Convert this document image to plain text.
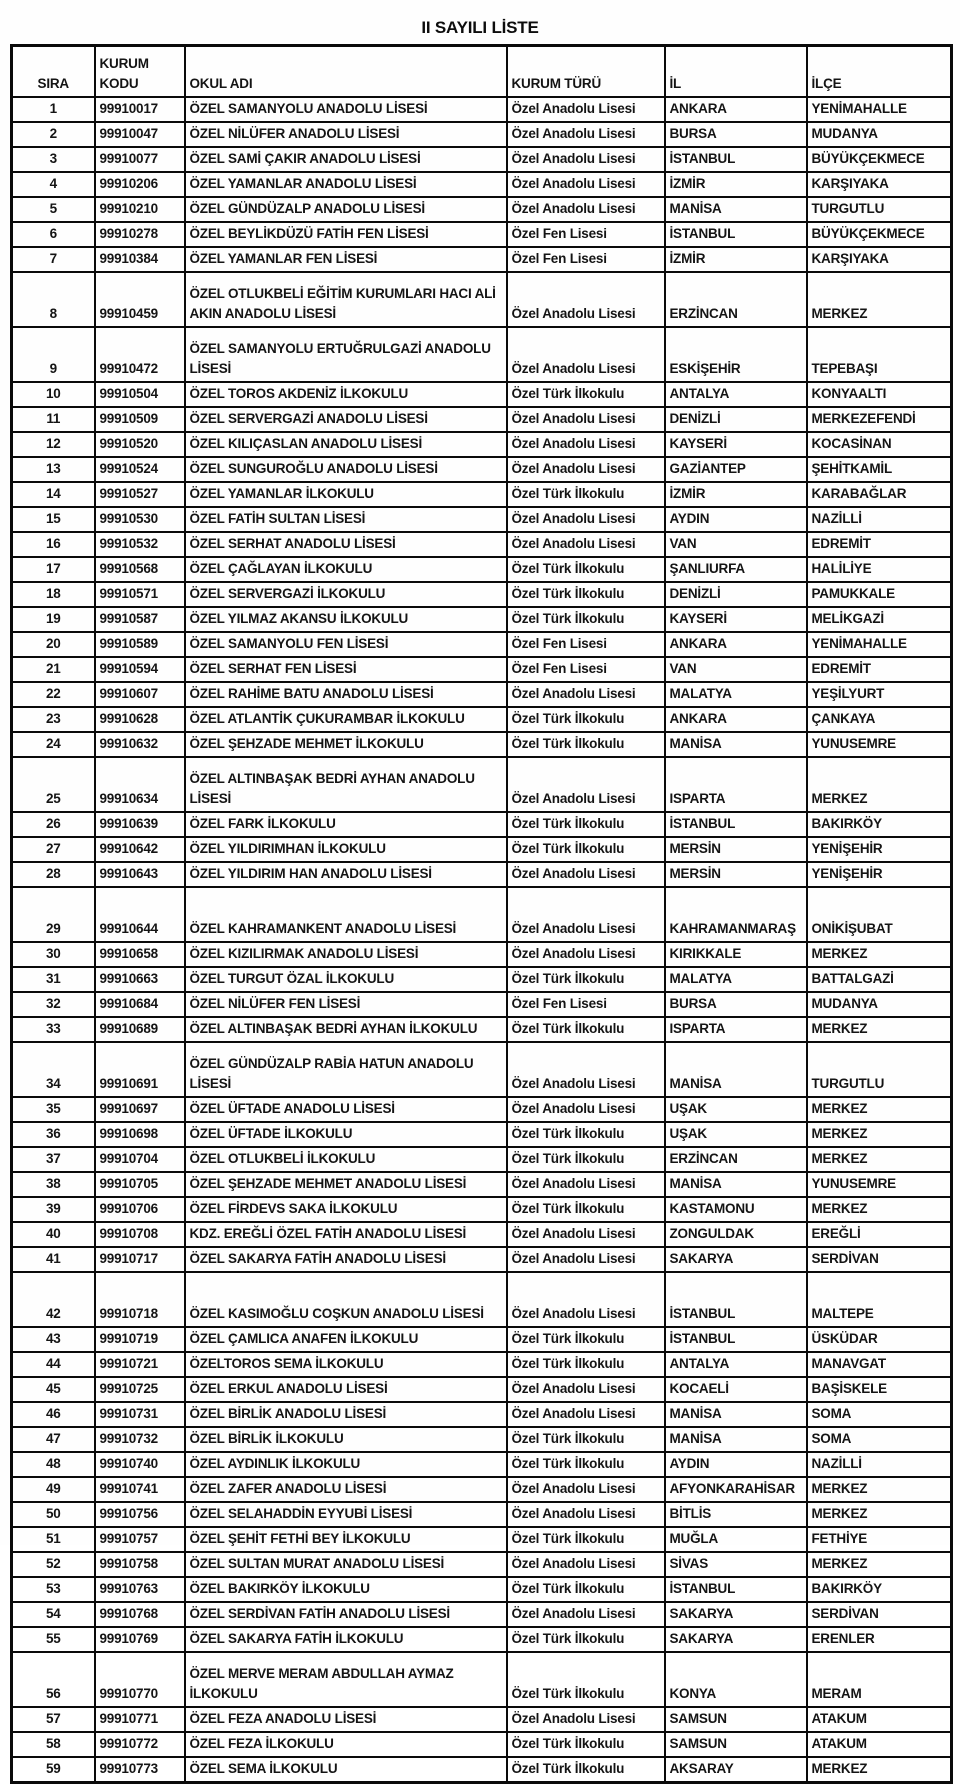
II SAYILI LİSTE
SIRA	KURUM KODU	OKUL ADI	KURUM TÜRÜ	İL	İLÇE
1	99910017	ÖZEL SAMANYOLU ANADOLU LİSESİ	Özel Anadolu Lisesi	ANKARA	YENİMAHALLE
2	99910047	ÖZEL NİLÜFER ANADOLU LİSESİ	Özel Anadolu Lisesi	BURSA	MUDANYA
3	99910077	ÖZEL SAMİ ÇAKIR ANADOLU LİSESİ	Özel Anadolu Lisesi	İSTANBUL	BÜYÜKÇEKMECE
4	99910206	ÖZEL YAMANLAR ANADOLU LİSESİ	Özel Anadolu Lisesi	İZMİR	KARŞIYAKA
5	99910210	ÖZEL GÜNDÜZALP ANADOLU LİSESİ	Özel Anadolu Lisesi	MANİSA	TURGUTLU
6	99910278	ÖZEL BEYLİKDÜZÜ FATİH FEN LİSESİ	Özel Fen Lisesi	İSTANBUL	BÜYÜKÇEKMECE
7	99910384	ÖZEL YAMANLAR FEN LİSESİ	Özel Fen Lisesi	İZMİR	KARŞIYAKA
8	99910459	ÖZEL OTLUKBELİ EĞİTİM KURUMLARI HACI ALİ AKIN ANADOLU LİSESİ	Özel Anadolu Lisesi	ERZİNCAN	MERKEZ
9	99910472	ÖZEL SAMANYOLU ERTUĞRULGAZİ ANADOLU LİSESİ	Özel Anadolu Lisesi	ESKİŞEHİR	TEPEBAŞI
10	99910504	ÖZEL TOROS AKDENİZ İLKOKULU	Özel Türk İlkokulu	ANTALYA	KONYAALTI
11	99910509	ÖZEL SERVERGAZİ ANADOLU LİSESİ	Özel Anadolu Lisesi	DENİZLİ	MERKEZEFENDİ
12	99910520	ÖZEL KILIÇASLAN ANADOLU LİSESİ	Özel Anadolu Lisesi	KAYSERİ	KOCASİNAN
13	99910524	ÖZEL SUNGUROĞLU ANADOLU LİSESİ	Özel Anadolu Lisesi	GAZİANTEP	ŞEHİTKAMİL
14	99910527	ÖZEL YAMANLAR İLKOKULU	Özel Türk İlkokulu	İZMİR	KARABAĞLAR
15	99910530	ÖZEL FATİH SULTAN LİSESİ	Özel Anadolu Lisesi	AYDIN	NAZİLLİ
16	99910532	ÖZEL SERHAT ANADOLU LİSESİ	Özel Anadolu Lisesi	VAN	EDREMİT
17	99910568	ÖZEL ÇAĞLAYAN İLKOKULU	Özel Türk İlkokulu	ŞANLIURFA	HALİLİYE
18	99910571	ÖZEL SERVERGAZİ İLKOKULU	Özel Türk İlkokulu	DENİZLİ	PAMUKKALE
19	99910587	ÖZEL YILMAZ AKANSU İLKOKULU	Özel Türk İlkokulu	KAYSERİ	MELİKGAZİ
20	99910589	ÖZEL SAMANYOLU FEN LİSESİ	Özel Fen Lisesi	ANKARA	YENİMAHALLE
21	99910594	ÖZEL SERHAT FEN LİSESİ	Özel Fen Lisesi	VAN	EDREMİT
22	99910607	ÖZEL RAHİME BATU ANADOLU LİSESİ	Özel Anadolu Lisesi	MALATYA	YEŞİLYURT
23	99910628	ÖZEL ATLANTİK ÇUKURAMBAR İLKOKULU	Özel Türk İlkokulu	ANKARA	ÇANKAYA
24	99910632	ÖZEL ŞEHZADE MEHMET İLKOKULU	Özel Türk İlkokulu	MANİSA	YUNUSEMRE
25	99910634	ÖZEL ALTINBAŞAK BEDRİ AYHAN ANADOLU LİSESİ	Özel Anadolu Lisesi	ISPARTA	MERKEZ
26	99910639	ÖZEL FARK İLKOKULU	Özel Türk İlkokulu	İSTANBUL	BAKIRKÖY
27	99910642	ÖZEL YILDIRIMHAN İLKOKULU	Özel Türk İlkokulu	MERSİN	YENİŞEHİR
28	99910643	ÖZEL YILDIRIM HAN ANADOLU LİSESİ	Özel Anadolu Lisesi	MERSİN	YENİŞEHİR
29	99910644	ÖZEL KAHRAMANKENT ANADOLU LİSESİ	Özel Anadolu Lisesi	KAHRAMANMARAŞ	ONİKİŞUBAT
30	99910658	ÖZEL KIZILIRMAK ANADOLU LİSESİ	Özel Anadolu Lisesi	KIRIKKALE	MERKEZ
31	99910663	ÖZEL TURGUT ÖZAL İLKOKULU	Özel Türk İlkokulu	MALATYA	BATTALGAZİ
32	99910684	ÖZEL NİLÜFER FEN LİSESİ	Özel Fen Lisesi	BURSA	MUDANYA
33	99910689	ÖZEL ALTINBAŞAK BEDRİ AYHAN İLKOKULU	Özel Türk İlkokulu	ISPARTA	MERKEZ
34	99910691	ÖZEL GÜNDÜZALP RABİA HATUN ANADOLU LİSESİ	Özel Anadolu Lisesi	MANİSA	TURGUTLU
35	99910697	ÖZEL ÜFTADE ANADOLU LİSESİ	Özel Anadolu Lisesi	UŞAK	MERKEZ
36	99910698	ÖZEL ÜFTADE İLKOKULU	Özel Türk İlkokulu	UŞAK	MERKEZ
37	99910704	ÖZEL OTLUKBELİ İLKOKULU	Özel Türk İlkokulu	ERZİNCAN	MERKEZ
38	99910705	ÖZEL ŞEHZADE MEHMET ANADOLU LİSESİ	Özel Anadolu Lisesi	MANİSA	YUNUSEMRE
39	99910706	ÖZEL FİRDEVS SAKA İLKOKULU	Özel Türk İlkokulu	KASTAMONU	MERKEZ
40	99910708	KDZ. EREĞLİ ÖZEL FATİH ANADOLU LİSESİ	Özel Anadolu Lisesi	ZONGULDAK	EREĞLİ
41	99910717	ÖZEL SAKARYA FATİH ANADOLU LİSESİ	Özel Anadolu Lisesi	SAKARYA	SERDİVAN
42	99910718	ÖZEL KASIMOĞLU COŞKUN ANADOLU LİSESİ	Özel Anadolu Lisesi	İSTANBUL	MALTEPE
43	99910719	ÖZEL ÇAMLICA ANAFEN İLKOKULU	Özel Türk İlkokulu	İSTANBUL	ÜSKÜDAR
44	99910721	ÖZELTOROS SEMA İLKOKULU	Özel Türk İlkokulu	ANTALYA	MANAVGAT
45	99910725	ÖZEL ERKUL ANADOLU LİSESİ	Özel Anadolu Lisesi	KOCAELİ	BAŞİSKELE
46	99910731	ÖZEL BİRLİK ANADOLU LİSESİ	Özel Anadolu Lisesi	MANİSA	SOMA
47	99910732	ÖZEL BİRLİK İLKOKULU	Özel Türk İlkokulu	MANİSA	SOMA
48	99910740	ÖZEL AYDINLIK İLKOKULU	Özel Türk İlkokulu	AYDIN	NAZİLLİ
49	99910741	ÖZEL ZAFER ANADOLU LİSESİ	Özel Anadolu Lisesi	AFYONKARAHİSAR	MERKEZ
50	99910756	ÖZEL SELAHADDİN EYYUBİ LİSESİ	Özel Anadolu Lisesi	BİTLİS	MERKEZ
51	99910757	ÖZEL ŞEHİT FETHİ BEY İLKOKULU	Özel Türk İlkokulu	MUĞLA	FETHİYE
52	99910758	ÖZEL SULTAN MURAT ANADOLU LİSESİ	Özel Anadolu Lisesi	SİVAS	MERKEZ
53	99910763	ÖZEL BAKIRKÖY İLKOKULU	Özel Türk İlkokulu	İSTANBUL	BAKIRKÖY
54	99910768	ÖZEL SERDİVAN FATİH ANADOLU LİSESİ	Özel Anadolu Lisesi	SAKARYA	SERDİVAN
55	99910769	ÖZEL SAKARYA FATİH İLKOKULU	Özel Türk İlkokulu	SAKARYA	ERENLER
56	99910770	ÖZEL MERVE MERAM ABDULLAH AYMAZ İLKOKULU	Özel Türk İlkokulu	KONYA	MERAM
57	99910771	ÖZEL FEZA ANADOLU LİSESİ	Özel Anadolu Lisesi	SAMSUN	ATAKUM
58	99910772	ÖZEL FEZA İLKOKULU	Özel Türk İlkokulu	SAMSUN	ATAKUM
59	99910773	ÖZEL SEMA İLKOKULU	Özel Türk İlkokulu	AKSARAY	MERKEZ
